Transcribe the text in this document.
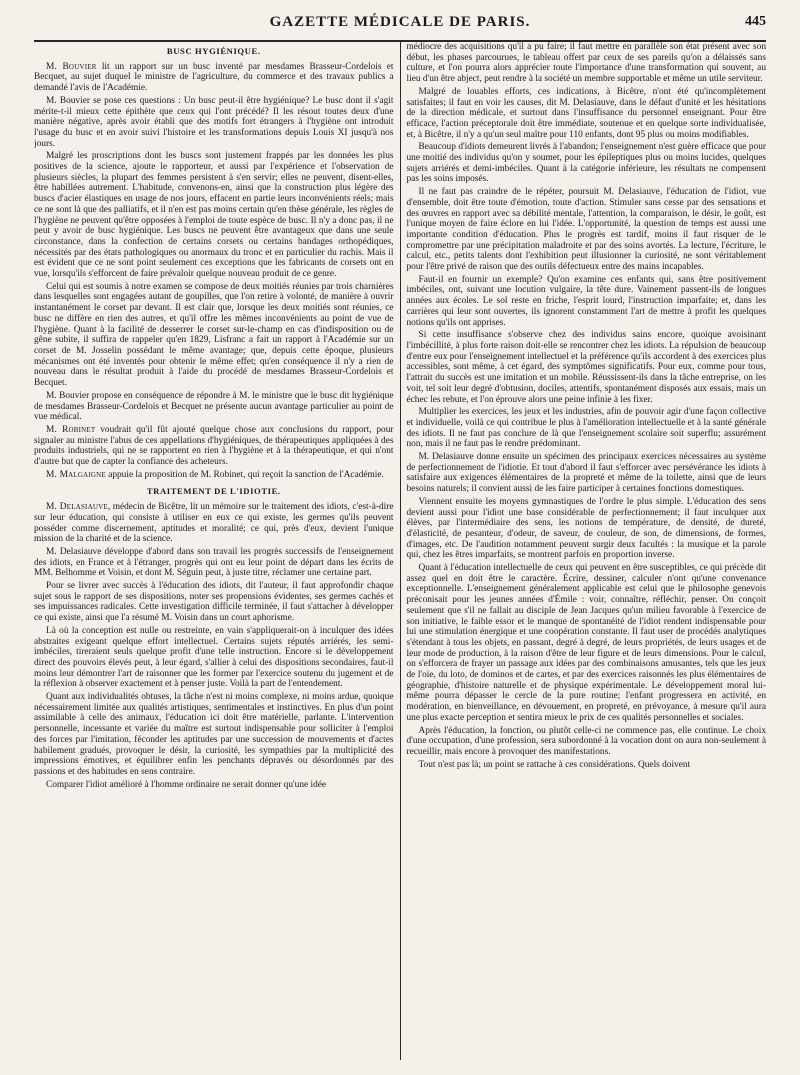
GAZETTE MÉDICALE DE PARIS.	445
BUSC HYGIÉNIQUE.

M. Bouvier lit un rapport sur un busc inventé par mesdames Brasseur-Cordelois et Becquet, au sujet duquel le ministre de l'agriculture, du commerce et des travaux publics a demandé l'avis de l'Académie.

M. Bouvier se pose ces questions : Un busc peut-il être hygiénique? Le busc dont il s'agit mérite-t-il mieux cette épithète que ceux qui l'ont précédé? Il les résout toutes deux d'une manière négative, après avoir établi que des motifs fort étrangers à l'hygiène ont introduit l'usage du busc et en avoir suivi l'histoire et les transformations depuis Louis XI jusqu'à nos jours.

Malgré les proscriptions dont les buscs sont justement frappés par les données les plus positives de la science, ajoute le rapporteur, et aussi par l'expérience et l'observation de plusieurs siècles, la plupart des femmes persistent à s'en servir; elles ne peuvent, disent-elles, être habillées autrement. L'habitude, convenons-en, ainsi que la construction plus légère des buscs d'acier élastiques en usage de nos jours, effacent en partie leurs inconvénients réels; mais ce ne sont là que des palliatifs, et il n'en est pas moins certain qu'en thèse générale, les règles de l'hygiène ne peuvent qu'être opposées à l'emploi de toute espèce de busc. Il n'y a donc pas, il ne peut y avoir de busc hygiénique. Les buscs ne peuvent être avantageux que dans une seule circonstance, dans la confection de certains corsets ou certains bandages orthopédiques, nécessités par des états pathologiques ou anormaux du tronc et en particulier du rachis. Mais il est évident que ce ne sont point seulement ces exceptions que les fabricants de corsets ont en vue, lorsqu'ils s'efforcent de faire prévaloir quelque nouveau produit de ce genre.

Celui qui est soumis à notre examen se compose de deux moitiés réunies par trois charnières dans lesquelles sont engagées autant de goupilles, que l'on retire à volonté, de manière à ouvrir instantanément le corset par devant. Il est clair que, lorsque les deux moitiés sont réunies, ce busc ne diffère en rien des autres, et qu'il offre les mêmes inconvénients au point de vue de l'hygiène. Quant à la facilité de desserrer le corset sur-le-champ en cas d'indisposition ou de gêne subite, il suffira de rappeler qu'en 1829, Lisfranc a fait un rapport à l'Académie sur un corset de M. Josselin possédant le même avantage; que, depuis cette époque, plusieurs mécanismes ont été inventés pour obtenir le même effet; qu'en conséquence il n'y a rien de nouveau dans le résultat produit à l'aide du procédé de mesdames Brasseur-Cordelois et Becquet.

M. Bouvier propose en conséquence de répondre à M. le ministre que le busc dit hygiénique de mesdames Brasseur-Cordelois et Becquet ne présente aucun avantage particulier au point de vue médical.

M. Robinet voudrait qu'il fût ajouté quelque chose aux conclusions du rapport, pour signaler au ministre l'abus de ces appellations d'hygiéniques, de thérapeutiques appliquées à des produits industriels, qui ne se rapportent en rien à l'hygiène et à la thérapeutique, et qui n'ont d'autre but que de capter la confiance des acheteurs.

M. Malgaigne appuie la proposition de M. Robinet, qui reçoit la sanction de l'Académie.

TRAITEMENT DE L'IDIOTIE.

M. Delasiauve, médecin de Bicêtre, lit un mémoire sur le traitement des idiots, c'est-à-dire sur leur éducation, qui consiste à utiliser en eux ce qui existe, les germes qu'ils peuvent posséder comme discernement, aptitudes et moralité; ce qui, près d'eux, devient l'unique mission de la charité et de la science.

M. Delasiauve développe d'abord dans son travail les progrès successifs de l'enseignement des idiots, en France et à l'étranger, progrès qui ont eu leur point de départ dans les écrits de MM. Belhomme et Voisin, et dont M. Séguin peut, à juste titre, réclamer une certaine part.

Pour se livrer avec succès à l'éducation des idiots, dit l'auteur, il faut approfondir chaque sujet sous le rapport de ses dispositions, noter ses propensions évidentes, ses germes cachés et ses impuissances radicales. Cette investigation difficile terminée, il faut s'attacher à développer ce qui existe, ainsi que l'a résumé M. Voisin dans un court aphorisme.

Là où la conception est nulle ou restreinte, en vain s'appliquerait-on à inculquer des idées abstraites exigeant quelque effort intellectuel. Certains sujets réputés arriérés, les semi-imbéciles, tireraient seuls quelque profit d'une telle instruction. Encore si le développement direct des pouvoirs élevés peut, à leur égard, s'allier à celui des dispositions secondaires, faut-il moins leur démontrer l'art de raisonner que les former par l'exercice soutenu du jugement et de la réflexion à observer exactement et à penser juste. Voilà la part de l'entendement.

Quant aux individualités obtuses, la tâche n'est ni moins complexe, ni moins ardue, quoique nécessairement limitée aux qualités artistiques, sentimentales et instinctives. En plus d'un point assimilable à celle des animaux, l'éducation ici doit être matérielle, parlante. L'intervention personnelle, incessante et variée du maître est surtout indispensable pour solliciter à l'emploi des forces par l'imitation, féconder les aptitudes par une succession de mouvements et d'actes habilement gradués, provoquer le désir, la curiosité, les sympathies par la multiplicité des impressions émotives, et équilibrer enfin les penchants dépravés ou désordonnés par des passions et des habitudes en sens contraire.

Comparer l'idiot amélioré à l'homme ordinaire ne serait donner qu'une idée

médiocre des acquisitions qu'il a pu faire; il faut mettre en parallèle son état présent avec son début, les phases parcourues, le tableau offert par ceux de ses pareils qu'on a délaissés sans culture, et l'on pourra alors apprécier toute l'importance d'une transformation qui souvent, au lieu d'un être abject, peut rendre à la société un membre supportable et même un utile serviteur.

Malgré de louables efforts, ces indications, à Bicêtre, n'ont été qu'incomplètement satisfaites; il faut en voir les causes, dit M. Delasiauve, dans le défaut d'unité et les hésitations de la direction médicale, et surtout dans l'insuffisance du personnel enseignant. Pour être efficace, l'action préceptorale doit être immédiate, soutenue et en quelque sorte individualisée, et, à Bicêtre, il n'y a qu'un seul maître pour 110 enfants, dont 95 plus ou moins modifiables.

Beaucoup d'idiots demeurent livrés à l'abandon; l'enseignement n'est guère efficace que pour une moitié des individus qu'on y soumet, pour les épileptiques plus ou moins lucides, quelques sujets arriérés et demi-imbéciles. Quant à la catégorie inférieure, les résultats ne compensent pas les soins imposés.

Il ne faut pas craindre de le répéter, poursuit M. Delasiauve, l'éducation de l'idiot, vue d'ensemble, doit être toute d'émotion, toute d'action. Stimuler sans cesse par des sensations et des œuvres en rapport avec sa débilité mentale, l'attention, la comparaison, le désir, le goût, est l'unique moyen de faire éclore en lui l'idée. L'opportunité, la question de temps est aussi une importante condition d'éducation. Plus le progrès est tardif, moins il faut risquer de le compromettre par une précipitation maladroite et par des soins avortés. La lecture, l'écriture, le calcul, etc., petits talents dont l'exhibition peut illusionner la curiosité, ne sont véritablement pour l'être privé de raison que des outils défectueux entre des mains incapables.

Faut-il en fournir un exemple? Qu'on examine ces enfants qui, sans être positivement imbéciles, ont, suivant une locution vulgaire, la tête dure. Vainement passent-ils de longues années aux écoles. Le sol reste en friche, l'esprit lourd, l'instruction imparfaite; et, dans les carrières qui leur sont ouvertes, ils ignorent constamment l'art de mettre à profit les quelques notions qu'ils ont apprises.

Si cette insuffisance s'observe chez des individus sains encore, quoique avoisinant l'imbécillité, à plus forte raison doit-elle se rencontrer chez les idiots. La répulsion de beaucoup d'entre eux pour l'enseignement intellectuel et la préférence qu'ils accordent à des exercices plus accessibles, sont même, à cet égard, des symptômes significatifs. Pour eux, comme pour tous, l'attrait du succès est une imitation et un mobile. Réussissent-ils dans la tâche entreprise, on les voit, tel soit leur degré d'obtusion, dociles, attentifs, spontanément disposés aux essais, mais un échec les rebute, et l'on éprouve alors une peine infinie à les fixer.

Multiplier les exercices, les jeux et les industries, afin de pouvoir agir d'une façon collective et individuelle, voilà ce qui contribue le plus à l'amélioration intellectuelle et à la santé générale des idiots. Il ne faut pas conclure de là que l'enseignement scolaire soit superflu; assurément non, mais il ne faut pas le rendre prédominant.

M. Delasiauve donne ensuite un spécimen des principaux exercices nécessaires au système de perfectionnement de l'idiotie. Et tout d'abord il faut s'efforcer avec persévérance les idiots à satisfaire aux exigences élémentaires de la propreté et même de la toilette, ainsi que de leurs besoins naturels; il convient aussi de les faire participer à certaines fonctions domestiques.

Viennent ensuite les moyens gymnastiques de l'ordre le plus simple. L'éducation des sens devient aussi pour l'idiot une base considérable de perfectionnement; il faut inculquer aux élèves, par l'intermédiaire des sens, les notions de température, de densité, de dureté, d'élasticité, de pesanteur, d'odeur, de saveur, de couleur, de son, de dimensions, de formes, d'images, etc. De l'audition notamment peuvent surgir deux facultés : la musique et la parole qui, chez les êtres imparfaits, se montrent parfois en proportion inverse.

Quant à l'éducation intellectuelle de ceux qui peuvent en être susceptibles, ce qui précède dit assez quel en doit être le caractère. Écrire, dessiner, calculer n'ont qu'une convenance exceptionnelle. L'enseignement généralement applicable est celui que le philosophe genevois préconisait pour les jeunes années d'Émile : voir, connaître, réfléchir, penser. On conçoit seulement que s'il ne fallait au disciple de Jean Jacques qu'un milieu favorable à l'exercice de son initiative, le faible essor et le manque de spontanéité de l'idiot rendent indispensable pour lui une stimulation énergique et une coopération constante. Il faut user de procédés analytiques s'étendant à tous les objets, en passant, degré à degré, de leurs propriétés, de leurs usages et de leur mode de production, à la raison d'être de leur figure et de leurs dimensions. Pour le calcul, on s'efforcera de frayer un passage aux idées par des combinaisons amusantes, tels que les jeux de l'oie, du loto, de dominos et de cartes, et par des exercices raisonnés les plus élémentaires de géographie, d'histoire naturelle et de physique expérimentale. Le développement moral lui-même pourra dépasser le cercle de la pure routine; l'enfant progressera en activité, en modération, en bienveillance, en dévouement, en propreté, en prévoyance, à mesure qu'il aura une plus exacte perception et sentira mieux le prix de ces qualités personnelles et sociales.

Après l'éducation, la fonction, ou plutôt celle-ci ne commence pas, elle continue. Le choix d'une occupation, d'une profession, sera subordonné à la vocation dont on aura non-seulement à recueillir, mais encore à provoquer des manifestations.

Tout n'est pas là; un point se rattache à ces considérations. Quels doivent
